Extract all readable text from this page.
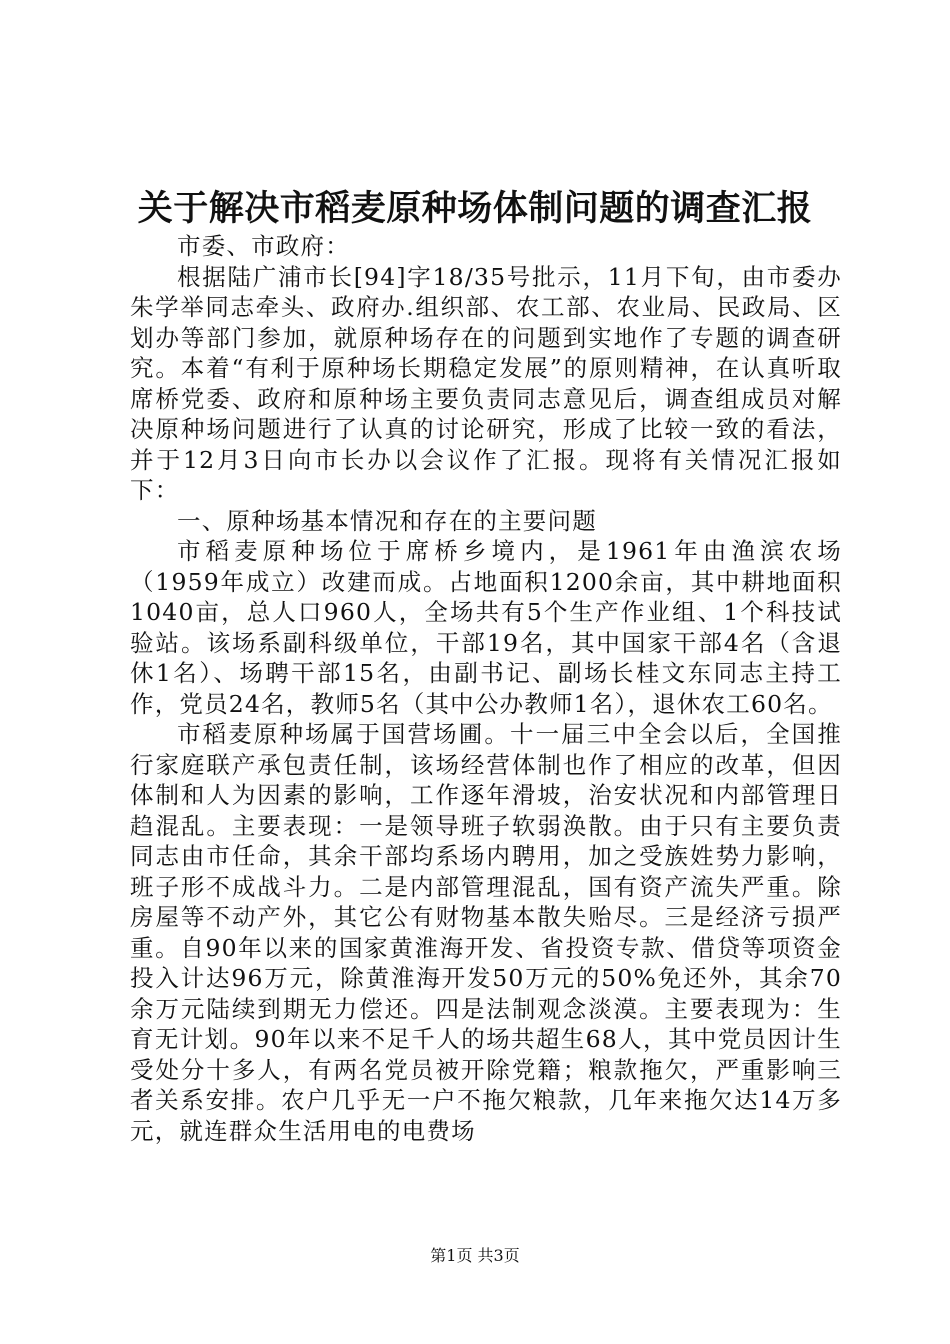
关于解决市稻麦原种场体制问题的调查汇报

市委、市政府：

根据陆广浦市长[94]字18/35号批示，11月下旬，由市委办朱学举同志牵头、政府办.组织部、农工部、农业局、民政局、区划办等部门参加，就原种场存在的问题到实地作了专题的调查研究。本着“有利于原种场长期稳定发展”的原则精神，在认真听取席桥党委、政府和原种场主要负责同志意见后，调查组成员对解决原种场问题进行了认真的讨论研究，形成了比较一致的看法，并于12月3日向市长办以会议作了汇报。现将有关情况汇报如下：

一、原种场基本情况和存在的主要问题

市稻麦原种场位于席桥乡境内，是1961年由渔滨农场（1959年成立）改建而成。占地面积1200余亩，其中耕地面积1040亩，总人口960人，全场共有5个生产作业组、1个科技试验站。该场系副科级单位，干部19名，其中国家干部4名（含退休1名）、场聘干部15名，由副书记、副场长桂文东同志主持工作，党员24名，教师5名（其中公办教师1名），退休农工60名。

市稻麦原种场属于国营场圃。十一届三中全会以后，全国推行家庭联产承包责任制，该场经营体制也作了相应的改革，但因体制和人为因素的影响，工作逐年滑坡，治安状况和内部管理日趋混乱。主要表现：一是领导班子软弱涣散。由于只有主要负责同志由市任命，其余干部均系场内聘用，加之受族姓势力影响，班子形不成战斗力。二是内部管理混乱，国有资产流失严重。除房屋等不动产外，其它公有财物基本散失贻尽。三是经济亏损严重。自90年以来的国家黄淮海开发、省投资专款、借贷等项资金投入计达96万元，除黄淮海开发50万元的50%免还外，其余70余万元陆续到期无力偿还。四是法制观念淡漠。主要表现为：生育无计划。90年以来不足千人的场共超生68人，其中党员因计生受处分十多人，有两名党员被开除党籍；粮款拖欠，严重影响三者关系安排。农户几乎无一户不拖欠粮款，几年来拖欠达14万多元，就连群众生活用电的电费场

第1页 共3页
